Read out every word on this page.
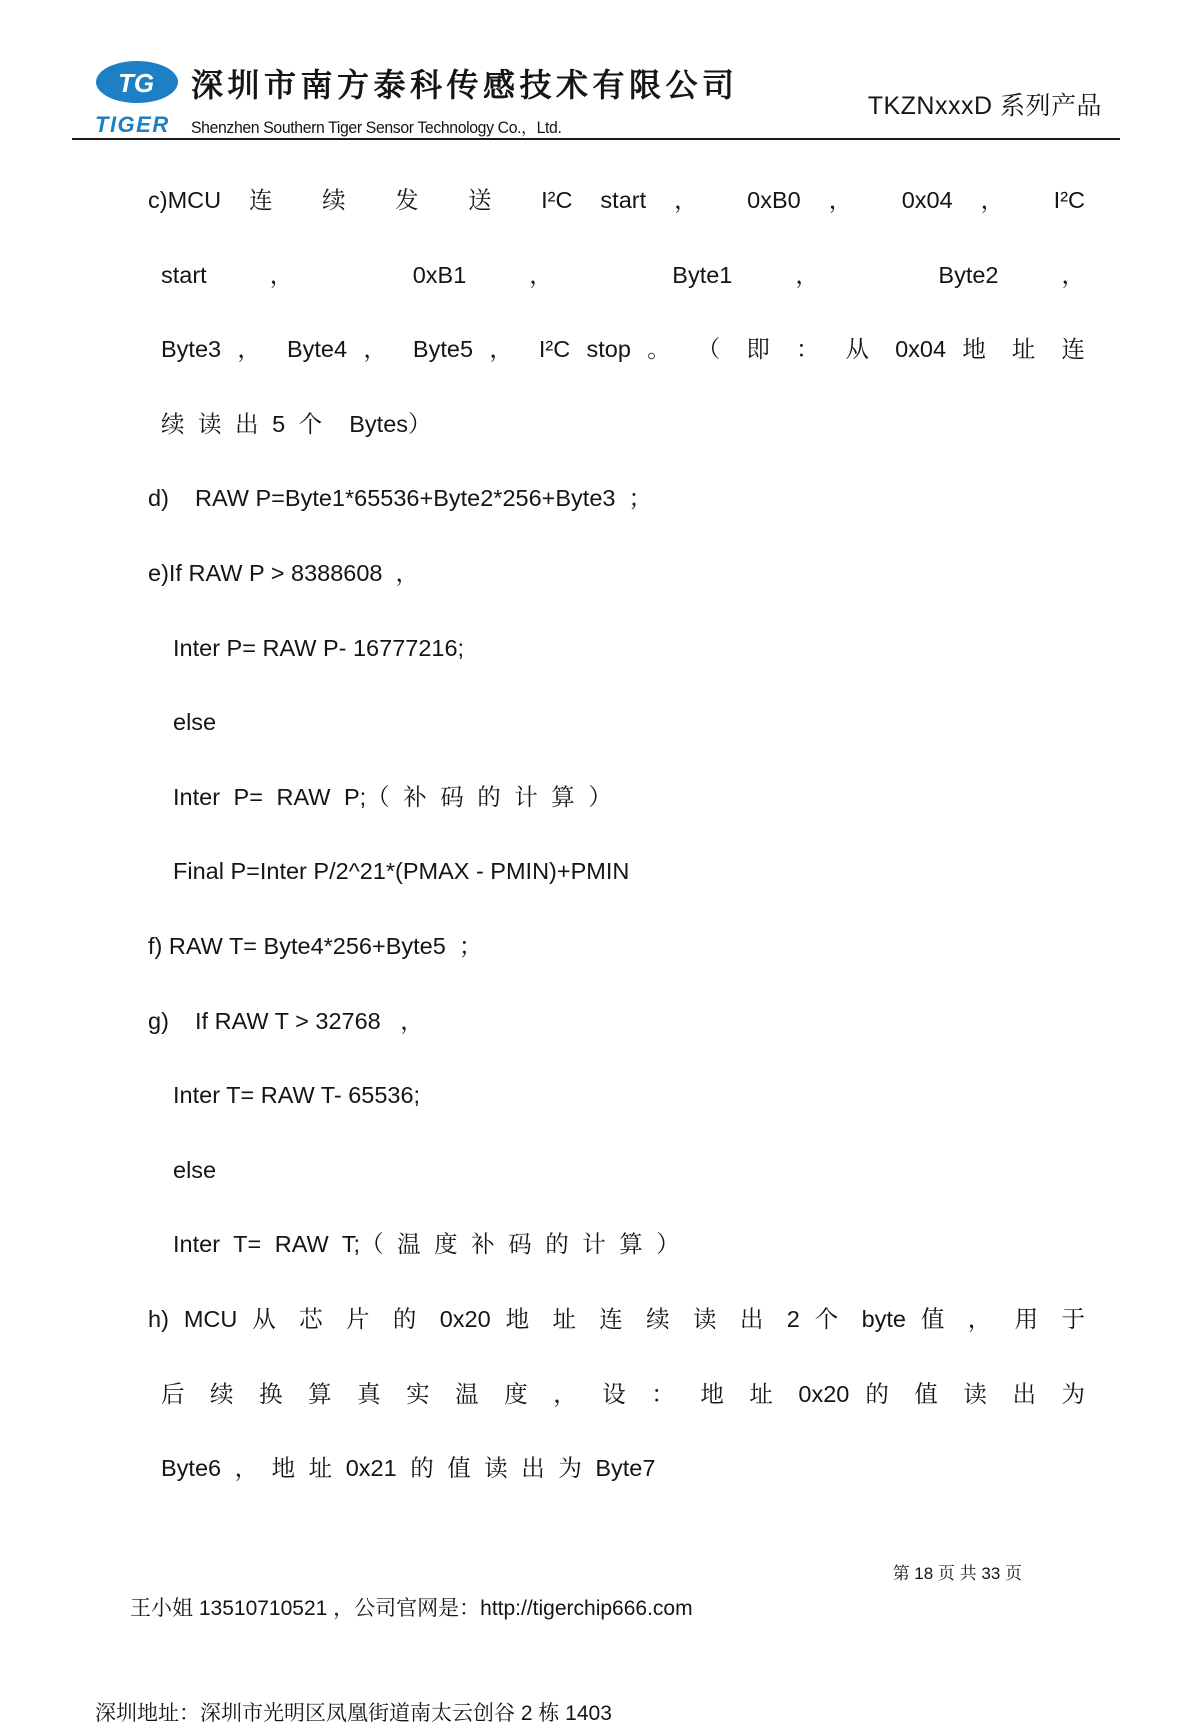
TG
TIGER
深圳市南方泰科传感技术有限公司
Shenzhen Southern Tiger Sensor Technology Co.，Ltd.
TKZNxxxD 系列产品
c)MCU 连 续 发 送 I²C start ， 0xB0 ， 0x04 ， I²C
start ， 0xB1 ， Byte1 ， Byte2 ，
Byte3 ， Byte4 ， Byte5 ， I²C stop 。 （ 即 ： 从 0x04 地 址 连
续 读 出 5 个  Bytes）
d)    RAW P=Byte1*65536+Byte2*256+Byte3  ；
e)If RAW P > 8388608  ，
Inter P= RAW P- 16777216;
else
Inter P= RAW P;（ 补 码 的 计 算 ）
Final P=Inter P/2^21*(PMAX - PMIN)+PMIN
f) RAW T= Byte4*256+Byte5  ；
g)    If RAW T > 32768   ，
Inter T= RAW T- 65536;
else
Inter T= RAW T;（ 温 度 补 码 的 计 算 ）
h) MCU 从 芯 片 的 0x20 地 址 连 续 读 出 2 个 byte 值 ， 用 于
后 续 换 算 真 实 温 度 ， 设 ： 地 址 0x20 的 值 读 出 为
Byte6 ， 地 址 0x21 的 值 读 出 为 Byte7

王小姐 13510710521 ，公司官网是：http://tigerchip666.com

第 18 页 共 33 页

深圳地址：深圳市光明区凤凰街道南太云创谷 2 栋 1403
